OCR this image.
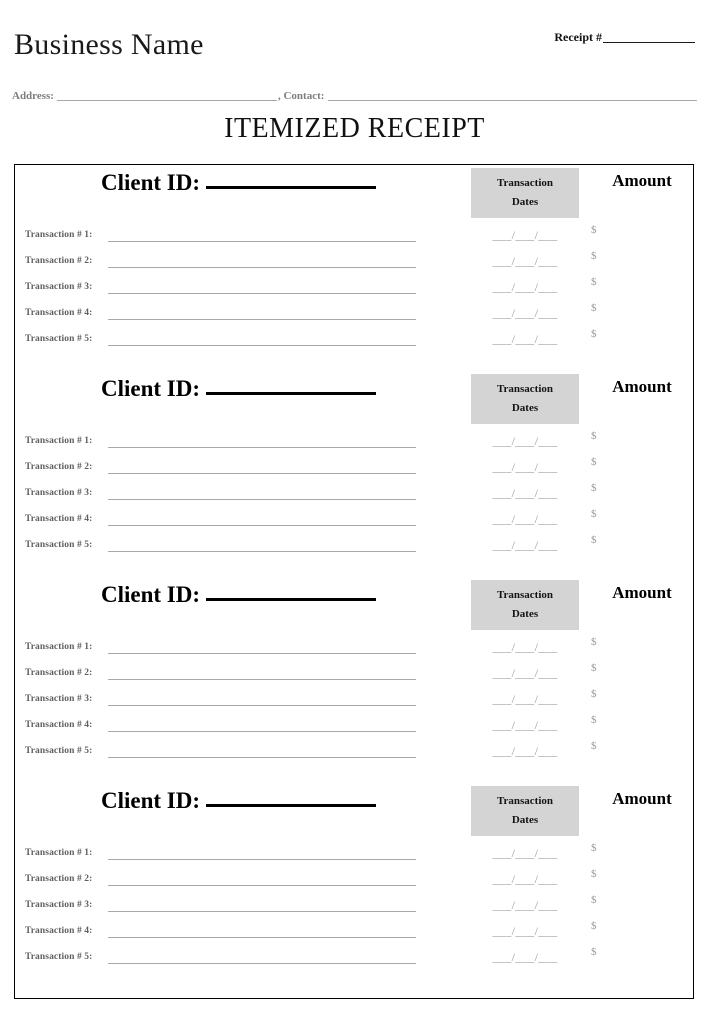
Business Name	Receipt #
Address:	, Contact:
ITEMIZED RECEIPT
Client ID:	Transaction
Dates
Amount
Transaction # 1:	___/___/___	$
Transaction # 2:	___/___/___	$
Transaction # 3:	___/___/___	$
Transaction # 4:	___/___/___	$
Transaction # 5:	___/___/___	$
Client ID:	Transaction
Dates
Amount
Transaction # 1:	___/___/___	$
Transaction # 2:	___/___/___	$
Transaction # 3:	___/___/___	$
Transaction # 4:	___/___/___	$
Transaction # 5:	___/___/___	$
Client ID:	Transaction
Dates
Amount
Transaction # 1:	___/___/___	$
Transaction # 2:	___/___/___	$
Transaction # 3:	___/___/___	$
Transaction # 4:	___/___/___	$
Transaction # 5:	___/___/___	$
Client ID:	Transaction
Dates
Amount
Transaction # 1:	___/___/___	$
Transaction # 2:	___/___/___	$
Transaction # 3:	___/___/___	$
Transaction # 4:	___/___/___	$
Transaction # 5:	___/___/___	$
